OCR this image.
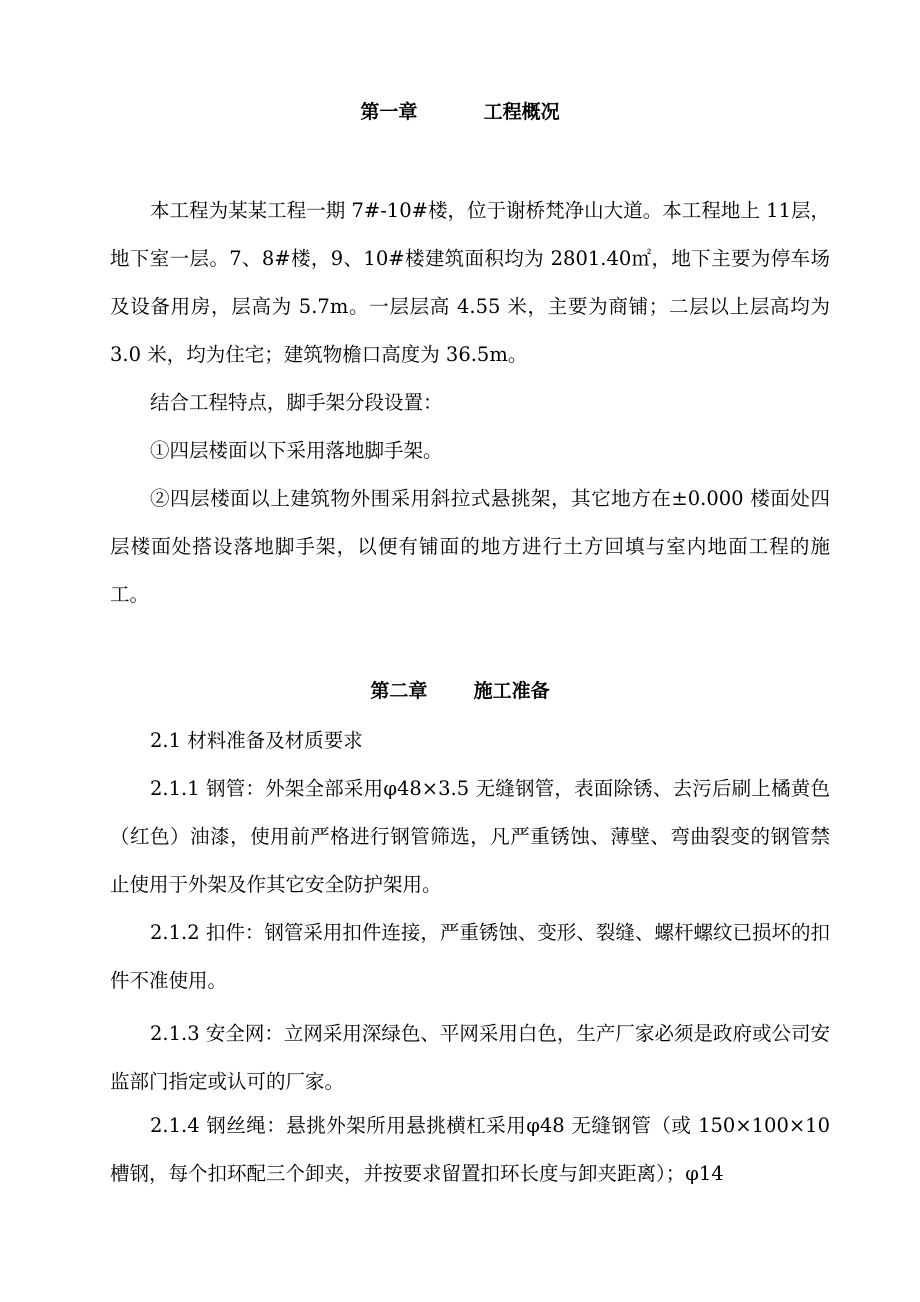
第一章          工程概况
本工程为某某工程一期 7#-10#楼，位于谢桥梵净山大道。本工程地上 11层，地下室一层。7、8#楼，9、10#楼建筑面积均为 2801.40㎡，地下主要为停车场及设备用房，层高为 5.7m。一层层高 4.55 米，主要为商铺；二层以上层高均为 3.0 米，均为住宅；建筑物檐口高度为 36.5m。
结合工程特点，脚手架分段设置：
①四层楼面以下采用落地脚手架。
②四层楼面以上建筑物外围采用斜拉式悬挑架，其它地方在±0.000 楼面处四层楼面处搭设落地脚手架，以便有铺面的地方进行土方回填与室内地面工程的施工。
第二章       施工准备
2.1 材料准备及材质要求
2.1.1 钢管：外架全部采用φ48×3.5 无缝钢管，表面除锈、去污后刷上橘黄色（红色）油漆，使用前严格进行钢管筛选，凡严重锈蚀、薄壁、弯曲裂变的钢管禁止使用于外架及作其它安全防护架用。
2.1.2 扣件：钢管采用扣件连接，严重锈蚀、变形、裂缝、螺杆螺纹已损坏的扣件不准使用。
2.1.3 安全网：立网采用深绿色、平网采用白色，生产厂家必须是政府或公司安监部门指定或认可的厂家。
2.1.4 钢丝绳：悬挑外架所用悬挑横杠采用φ48 无缝钢管（或 150×100×10 槽钢，每个扣环配三个卸夹，并按要求留置扣环长度与卸夹距离）；φ14
